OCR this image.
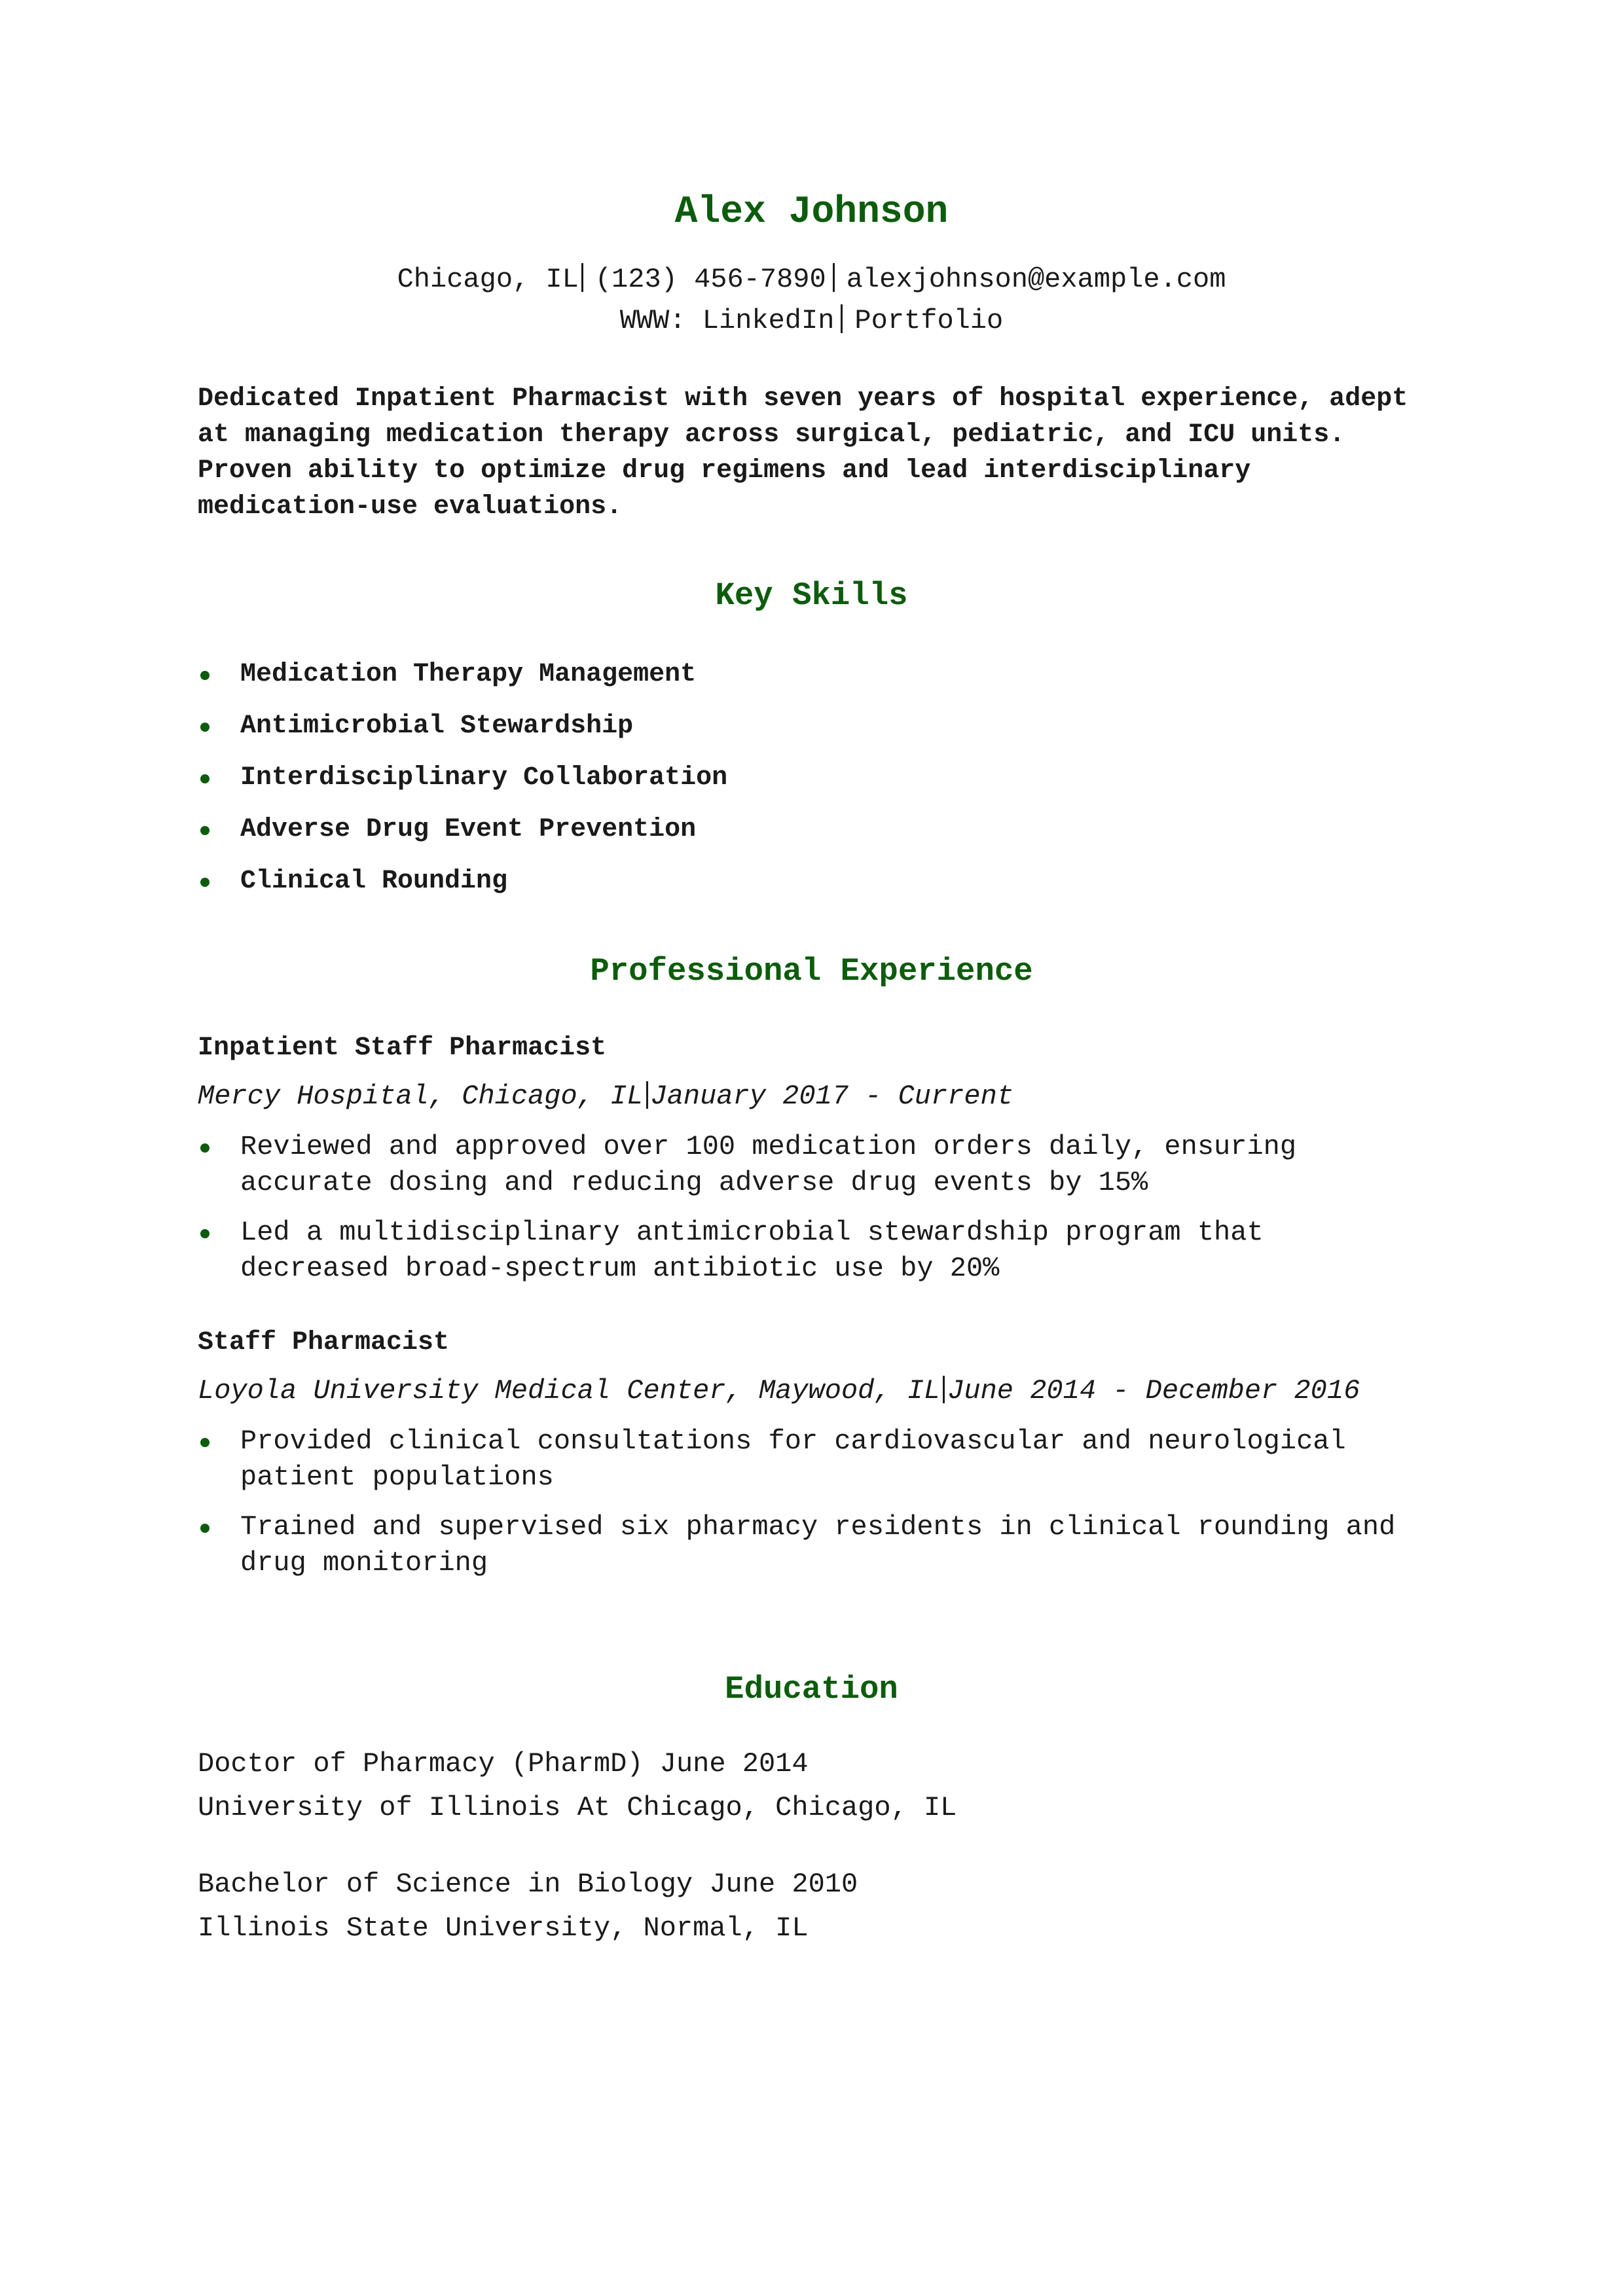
Alex Johnson
Chicago, IL (123) 456-7890 alexjohnson@example.com
WWW: LinkedIn Portfolio
Dedicated Inpatient Pharmacist with seven years of hospital experience, adept at managing medication therapy across surgical, pediatric, and ICU units. Proven ability to optimize drug regimens and lead interdisciplinary medication-use evaluations.
Key Skills
Medication Therapy Management
Antimicrobial Stewardship
Interdisciplinary Collaboration
Adverse Drug Event Prevention
Clinical Rounding
Professional Experience
Inpatient Staff Pharmacist
Mercy Hospital, Chicago, IL January 2017 - Current
Reviewed and approved over 100 medication orders daily, ensuring accurate dosing and reducing adverse drug events by 15%
Led a multidisciplinary antimicrobial stewardship program that decreased broad-spectrum antibiotic use by 20%
Staff Pharmacist
Loyola University Medical Center, Maywood, IL June 2014 - December 2016
Provided clinical consultations for cardiovascular and neurological patient populations
Trained and supervised six pharmacy residents in clinical rounding and drug monitoring
Education
Doctor of Pharmacy (PharmD) June 2014
University of Illinois At Chicago, Chicago, IL
Bachelor of Science in Biology June 2010
Illinois State University, Normal, IL
